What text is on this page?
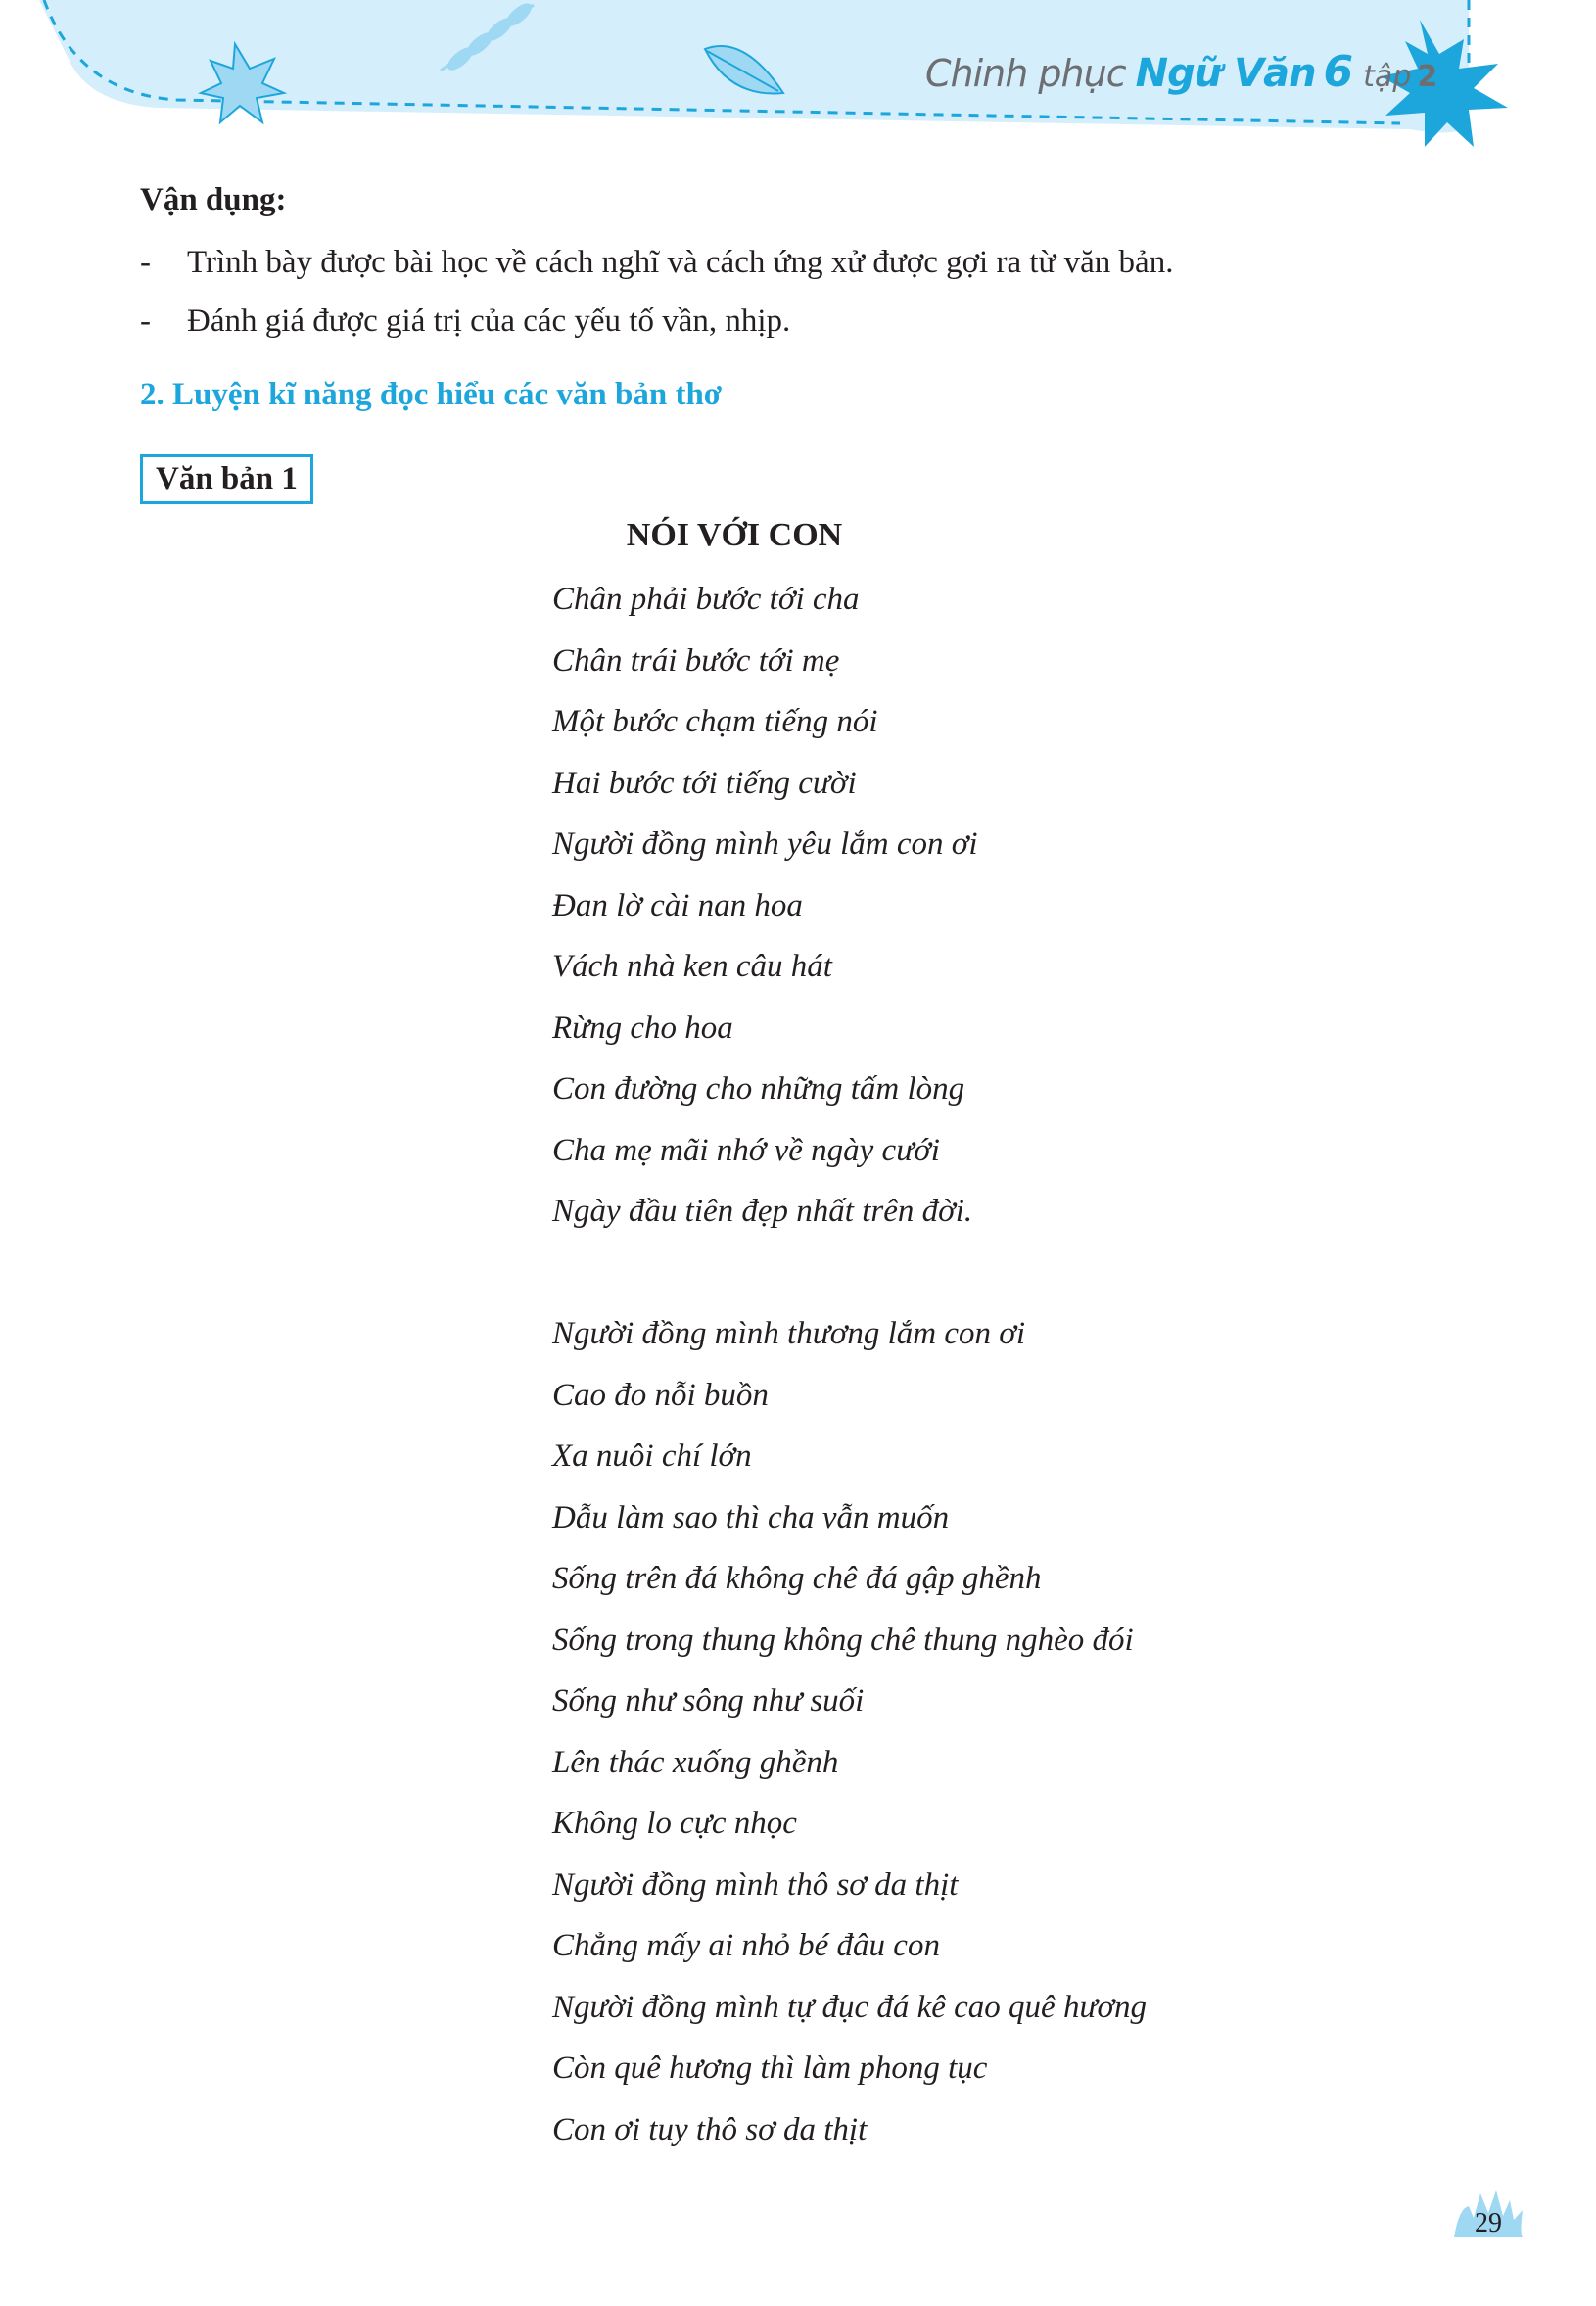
Chinh phục Ngữ Văn 6 tập 2
Vận dụng:
- Trình bày được bài học về cách nghĩ và cách ứng xử được gợi ra từ văn bản.
- Đánh giá được giá trị của các yếu tố vần, nhịp.
2. Luyện kĩ năng đọc hiểu các văn bản thơ
Văn bản 1
NÓI VỚI CON
Chân phải bước tới cha
Chân trái bước tới mẹ
Một bước chạm tiếng nói
Hai bước tới tiếng cười
Người đồng mình yêu lắm con ơi
Đan lờ cài nan hoa
Vách nhà ken câu hát
Rừng cho hoa
Con đường cho những tấm lòng
Cha mẹ mãi nhớ về ngày cưới
Ngày đầu tiên đẹp nhất trên đời.
Người đồng mình thương lắm con ơi
Cao đo nỗi buồn
Xa nuôi chí lớn
Dẫu làm sao thì cha vẫn muốn
Sống trên đá không chê đá gập ghềnh
Sống trong thung không chê thung nghèo đói
Sống như sông như suối
Lên thác xuống ghềnh
Không lo cực nhọc
Người đồng mình thô sơ da thịt
Chẳng mấy ai nhỏ bé đâu con
Người đồng mình tự đục đá kê cao quê hương
Còn quê hương thì làm phong tục
Con ơi tuy thô sơ da thịt
29
